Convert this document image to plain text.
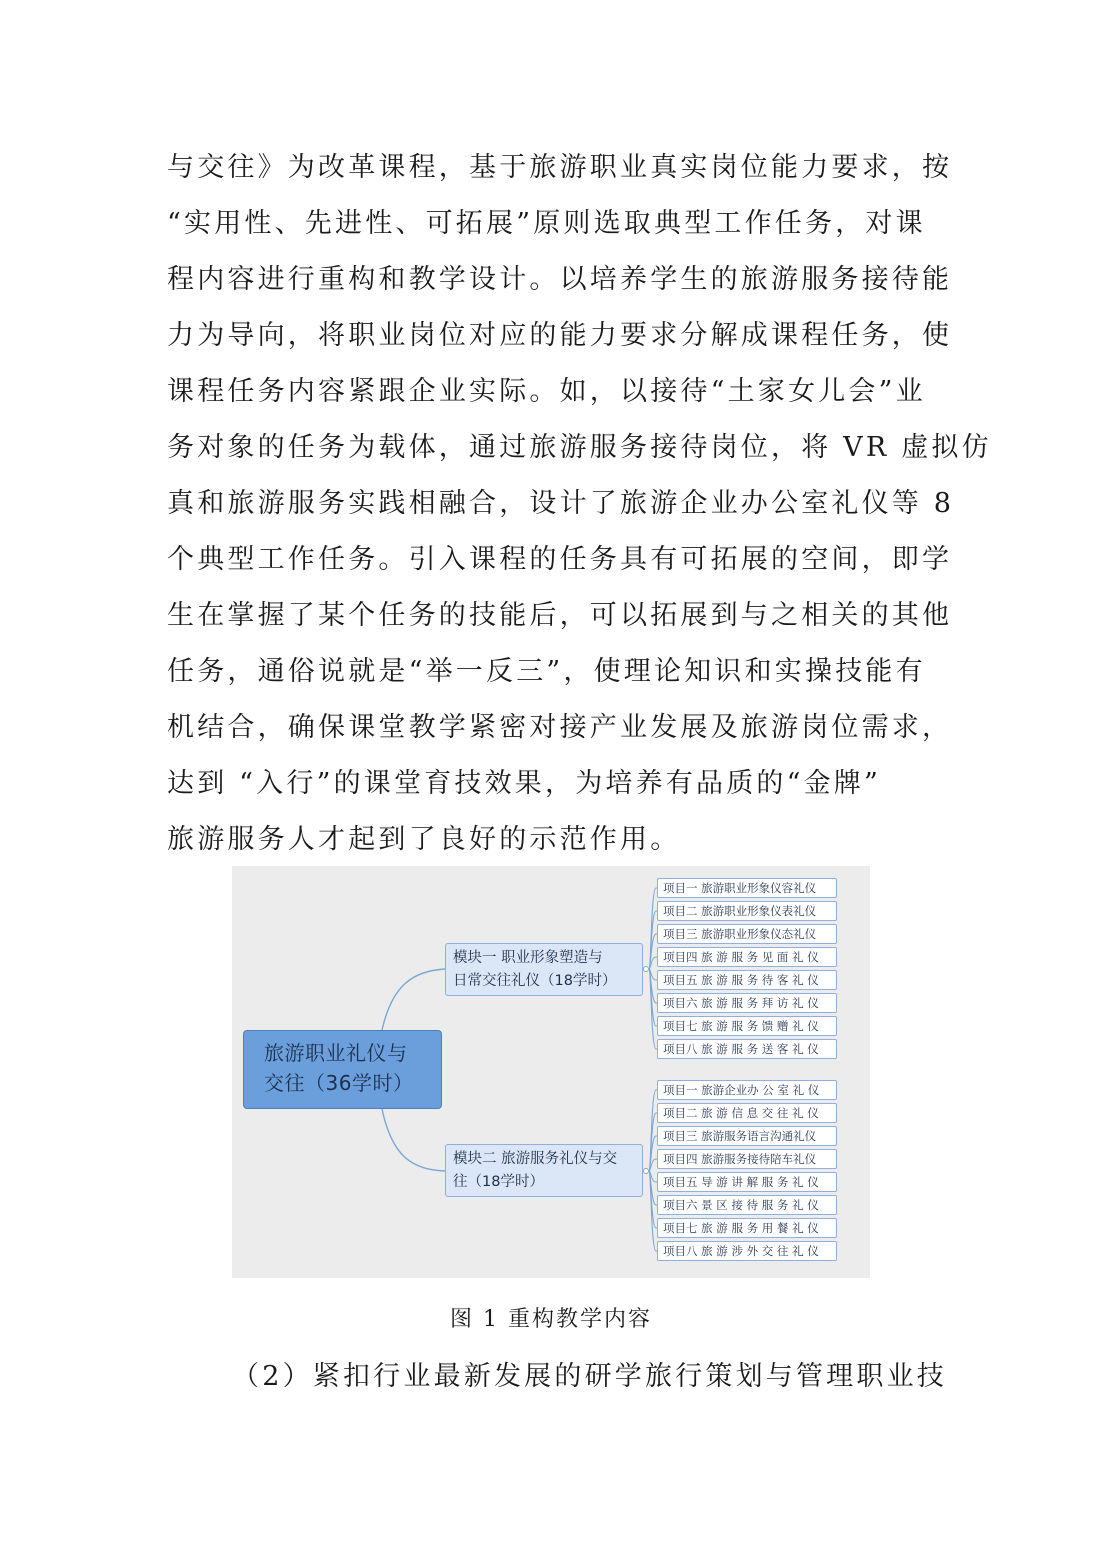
与交往》为改革课程，基于旅游职业真实岗位能力要求，按
“实用性、先进性、可拓展”原则选取典型工作任务，对课
程内容进行重构和教学设计。以培养学生的旅游服务接待能
力为导向，将职业岗位对应的能力要求分解成课程任务，使
课程任务内容紧跟企业实际。如，以接待“土家女儿会”业
务对象的任务为载体，通过旅游服务接待岗位，将 VR 虚拟仿
真和旅游服务实践相融合，设计了旅游企业办公室礼仪等 8
个典型工作任务。引入课程的任务具有可拓展的空间，即学
生在掌握了某个任务的技能后，可以拓展到与之相关的其他
任务，通俗说就是“举一反三”，使理论知识和实操技能有
机结合，确保课堂教学紧密对接产业发展及旅游岗位需求，
达到 “入行”的课堂育技效果，为培养有品质的“金牌”
旅游服务人才起到了良好的示范作用。
旅游职业礼仪与
交往（36学时）
模块一 职业形象塑造与
日常交往礼仪（18学时）
模块二 旅游服务礼仪与交
往（18学时）
项目一 旅游职业形象仪容礼仪
项目二 旅游职业形象仪表礼仪
项目三 旅游职业形象仪态礼仪
项目四 旅 游 服 务 见 面 礼 仪
项目五 旅 游 服 务 待 客 礼 仪
项目六 旅 游 服 务 拜 访 礼 仪
项目七 旅 游 服 务 馈 赠 礼 仪
项目八 旅 游 服 务 送 客 礼 仪
项目一 旅游企业办 公 室 礼 仪
项目二 旅 游 信 息 交 往 礼 仪
项目三 旅游服务语言沟通礼仪
项目四 旅游服务接待陪车礼仪
项目五 导 游 讲 解 服 务 礼 仪
项目六 景 区 接 待 服 务 礼 仪
项目七 旅 游 服 务 用 餐 礼 仪
项目八 旅 游 涉 外 交 往 礼 仪
图 1 重构教学内容
（2）紧扣行业最新发展的研学旅行策划与管理职业技
